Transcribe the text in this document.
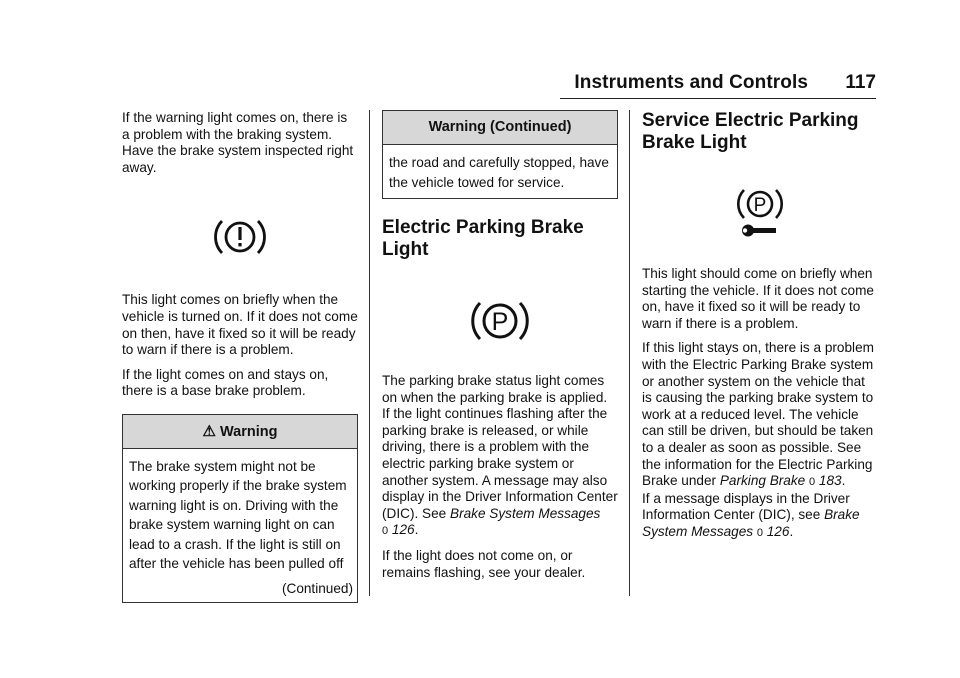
Instruments and Controls 117

If the warning light comes on, there is a problem with the braking system. Have the brake system inspected right away.

This light comes on briefly when the vehicle is turned on. If it does not come on then, have it fixed so it will be ready to warn if there is a problem.

If the light comes on and stays on, there is a base brake problem.

⚠ Warning
The brake system might not be working properly if the brake system warning light is on. Driving with the brake system warning light on can lead to a crash. If the light is still on after the vehicle has been pulled off
(Continued)
Warning (Continued)
the road and carefully stopped, have the vehicle towed for service.
Electric Parking Brake Light
P

The parking brake status light comes on when the parking brake is applied. If the light continues flashing after the parking brake is released, or while driving, there is a problem with the electric parking brake system or another system. A message may also display in the Driver Information Center (DIC). See Brake System Messages
0 126.

If the light does not come on, or remains flashing, see your dealer.

Service Electric Parking Brake Light
P

This light should come on briefly when starting the vehicle. If it does not come on, have it fixed so it will be ready to warn if there is a problem.

If this light stays on, there is a problem with the Electric Parking Brake system or another system on the vehicle that is causing the parking brake system to work at a reduced level. The vehicle can still be driven, but should be taken to a dealer as soon as possible. See the information for the Electric Parking Brake under Parking Brake 0 183.
If a message displays in the Driver Information Center (DIC), see Brake System Messages 0 126.
